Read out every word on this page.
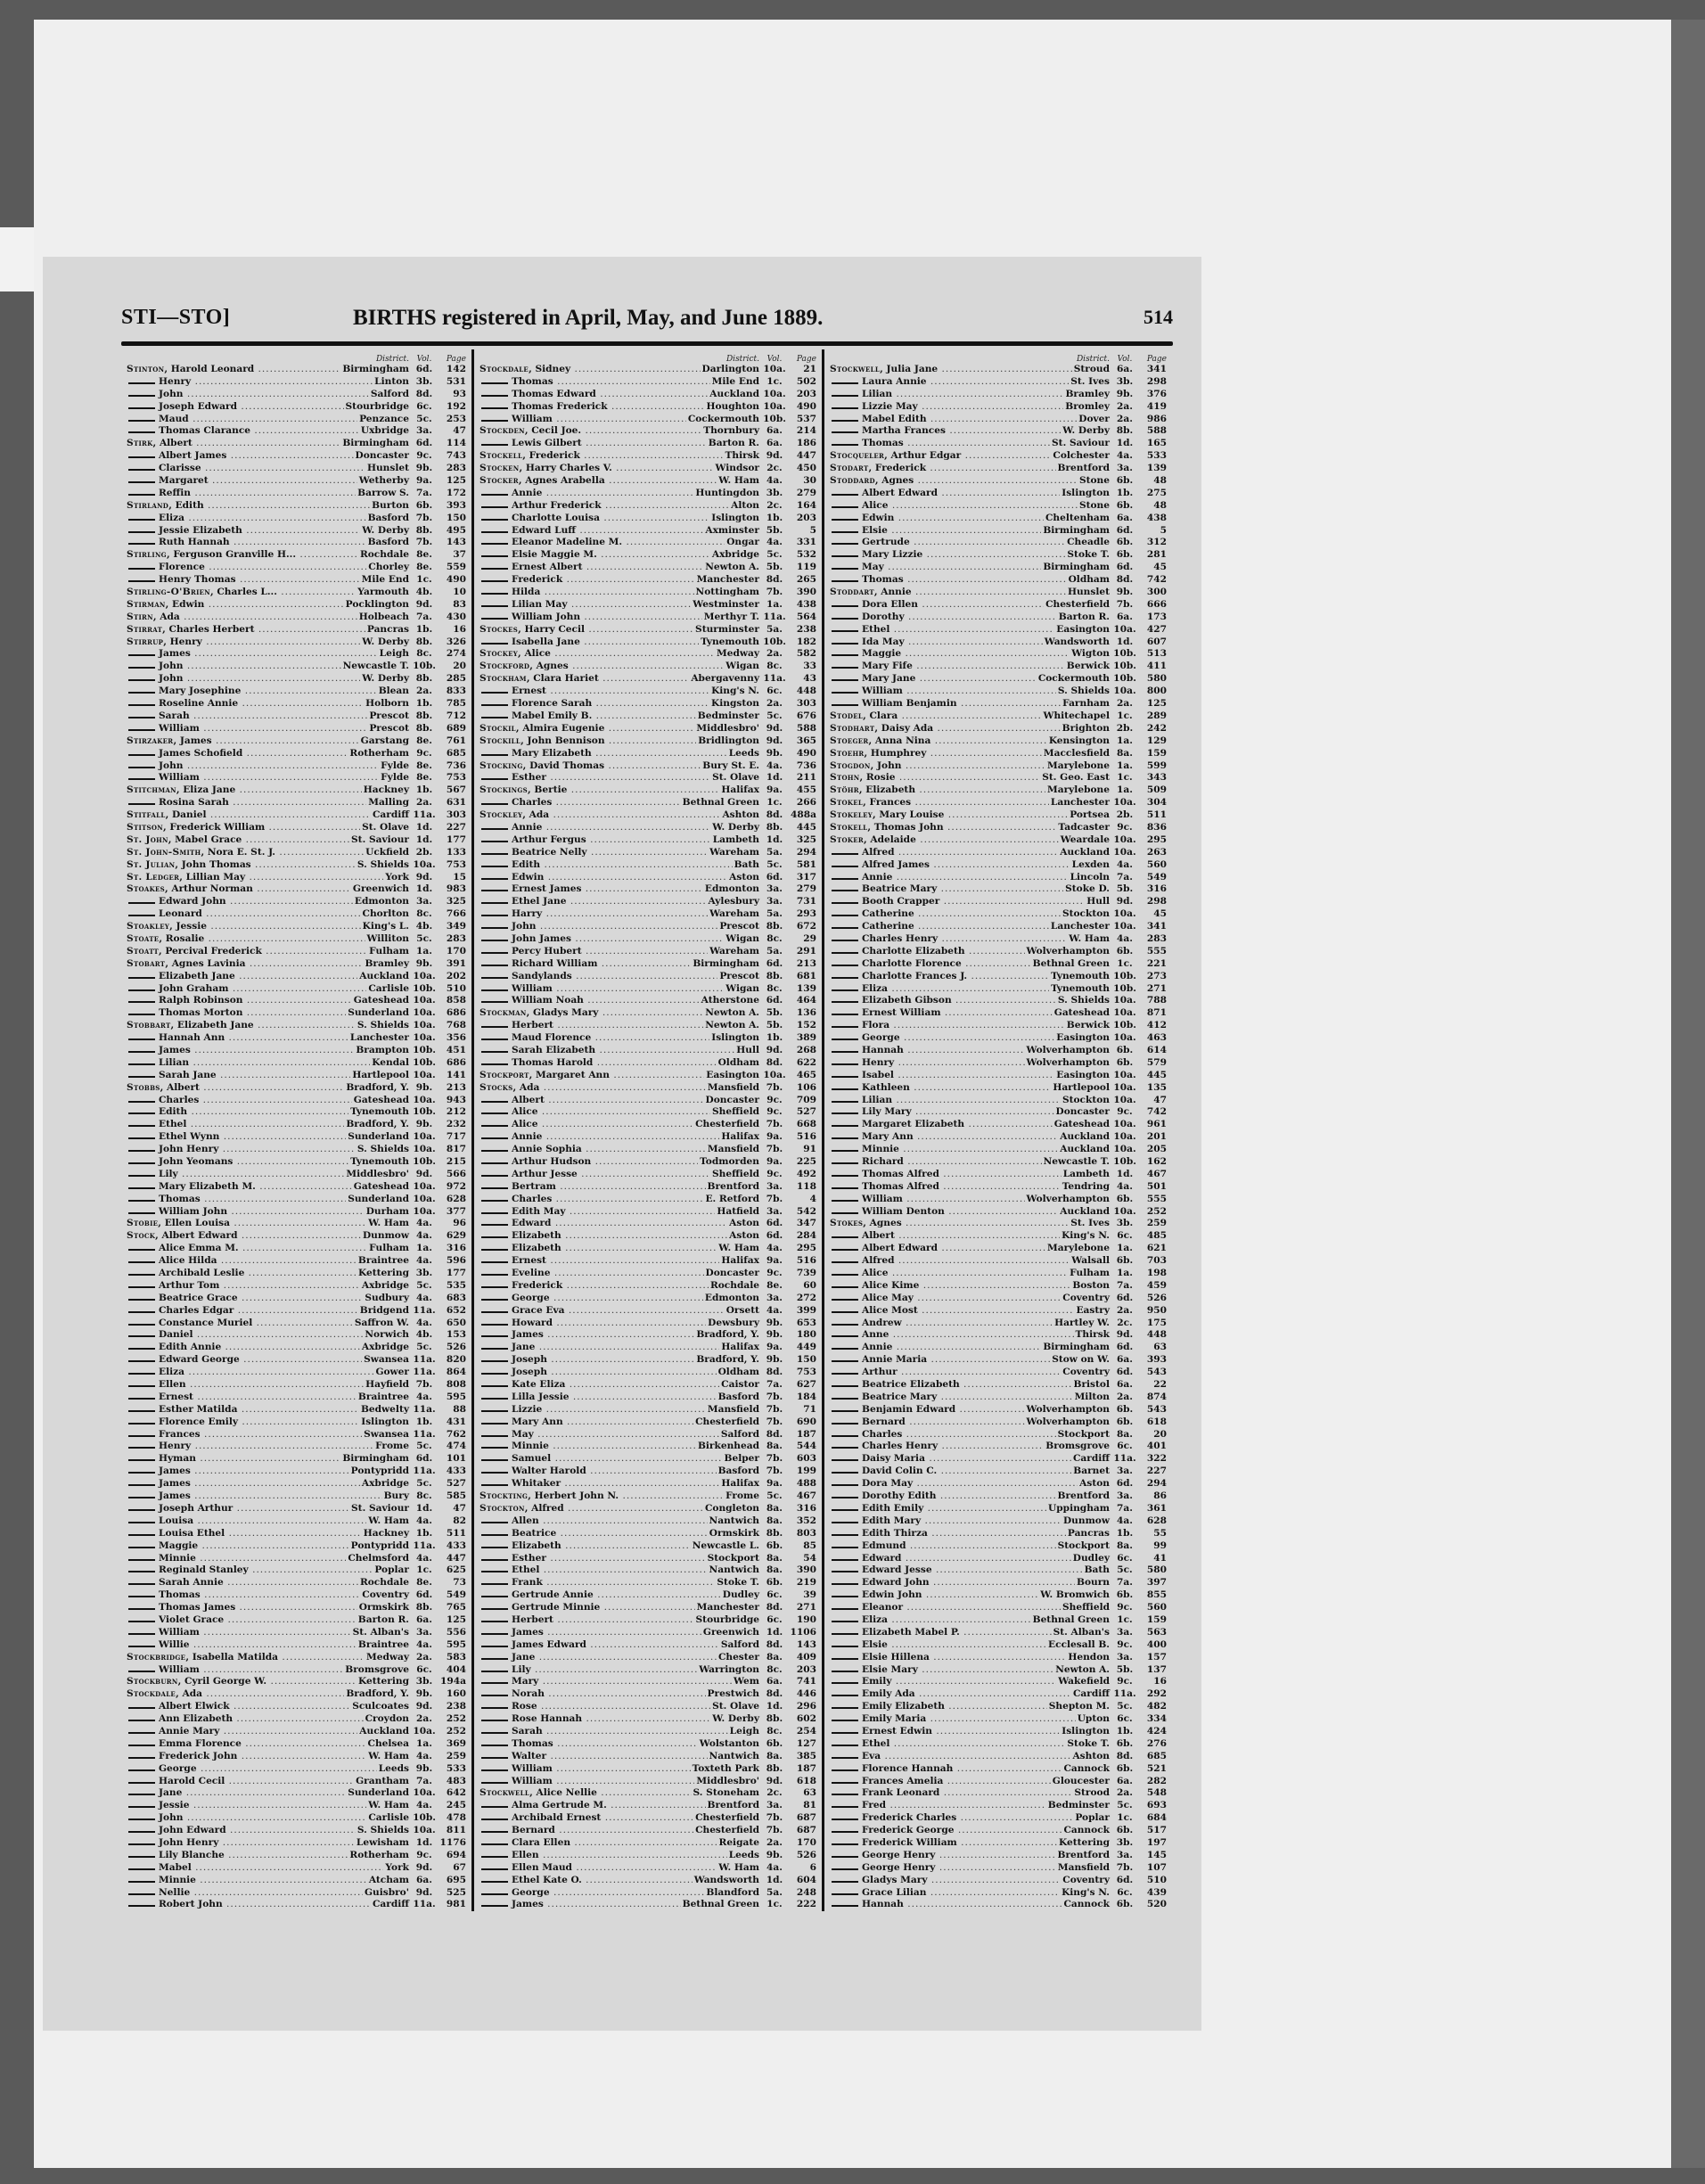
STI—STO]	BIRTHS registered in April, May, and June 1889.	514
District. Vol.	Page
Stinton, Harold Leonard .....	Birmingham 6d.	142
Henry .....	Linton 3b.	531
John .....	Salford 8d.	93
Joseph Edward .....	Stourbridge 6c.	192
Maud .....	Penzance 5c.	253
Thomas Clarance .....	Uxbridge 3a.	47
Stirk, Albert .....	Birmingham 6d.	114
Albert James .....	Doncaster 9c.	743
Clarisse .....	Hunslet 9b.	283
Margaret .....	Wetherby 9a.	125
Reffin .....	Barrow S. 7a.	172
Stirland, Edith .....	Burton 6b.	393
Eliza .....	Basford 7b.	150
Jessie Elizabeth .....	W. Derby 8b.	495
Ruth Hannah .....	Basford 7b.	143
Stirling, Ferguson Granville H... .....	Rochdale 8e.	37
Florence .....	Chorley 8e.	559
Henry Thomas .....	Mile End 1c.	490
Stirling-O'Brien, Charles L... .....	Yarmouth 4b.	10
Stirman, Edwin .....	Pocklington 9d.	83
Stirn, Ada .....	Holbeach 7a.	430
Stirrat, Charles Herbert .....	Pancras 1b.	16
Stirrup, Henry .....	W. Derby 8b.	326
James .....	Leigh 8c.	274
John .....	Newcastle T. 10b.	20
John .....	W. Derby 8b.	285
Mary Josephine .....	Blean 2a.	833
Roseline Annie .....	Holborn 1b.	785
Sarah .....	Prescot 8b.	712
William .....	Prescot 8b.	689
Stirzaker, James .....	Garstang 8e.	761
James Schofield .....	Rotherham 9c.	685
John .....	Fylde 8e.	736
William .....	Fylde 8e.	753
Stitchman, Eliza Jane .....	Hackney 1b.	567
Rosina Sarah .....	Malling 2a.	631
Stitfall, Daniel .....	Cardiff 11a.	303
Stitson, Frederick William .....	St. Olave 1d.	227
St. John, Mabel Grace .....	St. Saviour 1d.	177
St. John-Smith, Nora E. St. J. .....	Uckfield 2b.	133
St. Julian, John Thomas .....	S. Shields 10a.	753
St. Ledger, Lillian May .....	York 9d.	15
Stoakes, Arthur Norman .....	Greenwich 1d.	983
Edward John .....	Edmonton 3a.	325
Leonard .....	Chorlton 8c.	766
Stoakley, Jessie .....	King's L. 4b.	349
Stoate, Rosalie .....	Williton 5c.	283
Stoatt, Percival Frederick .....	Fulham 1a.	170
Stobart, Agnes Lavinia .....	Bramley 9b.	391
Elizabeth Jane .....	Auckland 10a.	202
John Graham .....	Carlisle 10b.	510
Ralph Robinson .....	Gateshead 10a.	858
Thomas Morton .....	Sunderland 10a.	686
Stobbart, Elizabeth Jane .....	S. Shields 10a.	768
Hannah Ann .....	Lanchester 10a.	356
James .....	Brampton 10b.	451
Lilian .....	Kendal 10b.	686
Sarah Jane .....	Hartlepool 10a.	141
Stobbs, Albert .....	Bradford, Y. 9b.	213
Charles .....	Gateshead 10a.	943
Edith .....	Tynemouth 10b.	212
Ethel .....	Bradford, Y. 9b.	232
Ethel Wynn .....	Sunderland 10a.	717
John Henry .....	S. Shields 10a.	817
John Yeomans .....	Tynemouth 10b.	215
Lily .....	Middlesbro' 9d.	566
Mary Elizabeth M. .....	Gateshead 10a.	972
Thomas .....	Sunderland 10a.	628
William John .....	Durham 10a.	377
Stobie, Ellen Louisa .....	W. Ham 4a.	96
Stock, Albert Edward .....	Dunmow 4a.	629
Alice Emma M. .....	Fulham 1a.	316
Alice Hilda .....	Braintree 4a.	596
Archibald Leslie .....	Kettering 3b.	177
Arthur Tom .....	Axbridge 5c.	535
Beatrice Grace .....	Sudbury 4a.	683
Charles Edgar .....	Bridgend 11a.	652
Constance Muriel .....	Saffron W. 4a.	650
Daniel .....	Norwich 4b.	153
Edith Annie .....	Axbridge 5c.	526
Edward George .....	Swansea 11a.	820
Eliza .....	Gower 11a.	864
Ellen .....	Hayfield 7b.	808
Ernest .....	Braintree 4a.	595
Esther Matilda .....	Bedwelty 11a.	88
Florence Emily .....	Islington 1b.	431
Frances .....	Swansea 11a.	762
Henry .....	Frome 5c.	474
Hyman .....	Birmingham 6d.	101
James .....	Pontypridd 11a.	433
James .....	Axbridge 5c.	527
James .....	Bury 8c.	585
Joseph Arthur .....	St. Saviour 1d.	47
Louisa .....	W. Ham 4a.	82
Louisa Ethel .....	Hackney 1b.	511
Maggie .....	Pontypridd 11a.	433
Minnie .....	Chelmsford 4a.	447
Reginald Stanley .....	Poplar 1c.	625
Sarah Annie .....	Rochdale 8e.	73
Thomas .....	Coventry 6d.	549
Thomas James .....	Ormskirk 8b.	765
Violet Grace .....	Barton R. 6a.	125
William .....	St. Alban's 3a.	556
Willie .....	Braintree 4a.	595
Stockbridge, Isabella Matilda .....	Medway 2a.	583
William .....	Bromsgrove 6c.	404
Stockburn, Cyril George W. .....	Kettering 3b. 194a
Stockdale, Ada .....	Bradford, Y. 9b.	160
Albert Elwick .....	Sculcoates 9d.	238
Ann Elizabeth .....	Croydon 2a.	252
Annie Mary .....	Auckland 10a.	252
Emma Florence .....	Chelsea 1a.	369
Frederick John .....	W. Ham 4a.	259
George .....	Leeds 9b.	533
Harold Cecil .....	Grantham 7a.	483
Jane .....	Sunderland 10a.	642
Jessie .....	W. Ham 4a.	245
John .....	Carlisle 10b.	478
John Edward .....	S. Shields 10a.	811
John Henry .....	Lewisham 1d. 1176
Lily Blanche .....	Rotherham 9c.	694
Mabel .....	York 9d.	67
Minnie .....	Atcham 6a.	695
Nellie .....	Guisbro' 9d.	525
Robert John .....	Cardiff 11a.	981
District. Vol.	Page
Stockdale, Sidney .....	Darlington 10a.	21
Thomas .....	Mile End 1c.	502
Thomas Edward .....	Auckland 10a.	203
Thomas Frederick .....	Houghton 10a.	490
William .....	Cockermouth 10b.	537
Stockden, Cecil Joe. .....	Thornbury 6a.	214
Lewis Gilbert .....	Barton R. 6a.	186
Stockell, Frederick .....	Thirsk 9d.	447
Stocken, Harry Charles V. .....	Windsor 2c.	450
Stocker, Agnes Arabella .....	W. Ham 4a.	30
Annie .....	Huntingdon 3b.	279
Arthur Frederick .....	Alton 2c.	164
Charlotte Louisa .....	Islington 1b.	203
Edward Luff .....	Axminster 5b.	5
Eleanor Madeline M. .....	Ongar 4a.	331
Elsie Maggie M. .....	Axbridge 5c.	532
Ernest Albert .....	Newton A. 5b.	119
Frederick .....	Manchester 8d.	265
Hilda .....	Nottingham 7b.	390
Lilian May .....	Westminster 1a.	438
William John .....	Merthyr T. 11a.	564
Stockes, Harry Cecil .....	Sturminster 5a.	238
Isabella Jane .....	Tynemouth 10b.	182
Stockey, Alice .....	Medway 2a.	582
Stockford, Agnes .....	Wigan 8c.	33
Stockham, Clara Hariet .....	Abergavenny 11a.	43
Ernest .....	King's N. 6c.	448
Florence Sarah .....	Kingston 2a.	303
Mabel Emily B. .....	Bedminster 5c.	676
Stockil, Almira Eugenie .....	Middlesbro' 9d.	588
Stockill, John Bennison .....	Bridlington 9d.	365
Mary Elizabeth .....	Leeds 9b.	490
Stocking, David Thomas .....	Bury St. E. 4a.	736
Esther .....	St. Olave 1d.	211
Stockings, Bertie .....	Halifax 9a.	455
Charles .....	Bethnal Green 1c.	266
Stockley, Ada .....	Ashton 8d. 488a
Annie .....	W. Derby 8b.	445
Arthur Fergus .....	Lambeth 1d.	325
Beatrice Nelly .....	Wareham 5a.	294
Edith .....	Bath 5c.	581
Edwin .....	Aston 6d.	317
Ernest James .....	Edmonton 3a.	279
Ethel Jane .....	Aylesbury 3a.	731
Harry .....	Wareham 5a.	293
John .....	Prescot 8b.	672
John James .....	Wigan 8c.	29
Percy Hubert .....	Wareham 5a.	291
Richard William .....	Birmingham 6d.	213
Sandylands .....	Prescot 8b.	681
William .....	Wigan 8c.	139
William Noah .....	Atherstone 6d.	464
Stockman, Gladys Mary .....	Newton A. 5b.	136
Herbert .....	Newton A. 5b.	152
Maud Florence .....	Islington 1b.	389
Sarah Elizabeth .....	Hull 9d.	268
Thomas Harold .....	Oldham 8d.	622
Stockport, Margaret Ann .....	Easington 10a.	465
Stocks, Ada .....	Mansfield 7b.	106
Albert .....	Doncaster 9c.	709
Alice .....	Sheffield 9c.	527
Alice .....	Chesterfield 7b.	668
Annie .....	Halifax 9a.	516
Annie Sophia .....	Mansfield 7b.	91
Arthur Hudson .....	Todmorden 9a.	225
Arthur Jesse .....	Sheffield 9c.	492
Bertram .....	Brentford 3a.	118
Charles .....	E. Retford 7b.	4
Edith May .....	Hatfield 3a.	542
Edward .....	Aston 6d.	347
Elizabeth .....	Aston 6d.	284
Elizabeth .....	W. Ham 4a.	295
Ernest .....	Halifax 9a.	516
Eveline .....	Doncaster 9c.	739
Frederick .....	Rochdale 8e.	60
George .....	Edmonton 3a.	272
Grace Eva .....	Orsett 4a.	399
Howard .....	Dewsbury 9b.	653
James .....	Bradford, Y. 9b.	180
Jane .....	Halifax 9a.	449
Joseph .....	Bradford, Y. 9b.	150
Joseph .....	Oldham 8d.	753
Kate Eliza .....	Caistor 7a.	627
Lilla Jessie .....	Basford 7b.	184
Lizzie .....	Mansfield 7b.	71
Mary Ann .....	Chesterfield 7b.	690
May .....	Salford 8d.	187
Minnie .....	Birkenhead 8a.	544
Samuel .....	Belper 7b.	603
Walter Harold .....	Basford 7b.	199
Whitaker .....	Halifax 9a.	488
Stockting, Herbert John N. .....	Frome 5c.	467
Stockton, Alfred .....	Congleton 8a.	316
Allen .....	Nantwich 8a.	352
Beatrice .....	Ormskirk 8b.	803
Elizabeth .....	Newcastle L. 6b.	85
Esther .....	Stockport 8a.	54
Ethel .....	Nantwich 8a.	390
Frank .....	Stoke T. 6b.	219
Gertrude Annie .....	Dudley 6c.	39
Gertrude Minnie .....	Manchester 8d.	271
Herbert .....	Stourbridge 6c.	190
James .....	Greenwich 1d. 1106
James Edward .....	Salford 8d.	143
Jane .....	Chester 8a.	409
Lily .....	Warrington 8c.	203
Mary .....	Wem 6a.	741
Norah .....	Prestwich 8d.	446
Rose .....	St. Olave 1d.	296
Rose Hannah .....	W. Derby 8b.	602
Sarah .....	Leigh 8c.	254
Thomas .....	Wolstanton 6b.	127
Walter .....	Nantwich 8a.	385
William .....	Toxteth Park 8b.	187
William .....	Middlesbro' 9d.	618
Stockwell, Alice Nellie .....	S. Stoneham 2c.	63
Alma Gertrude M. .....	Brentford 3a.	81
Archibald Ernest .....	Chesterfield 7b.	687
Bernard .....	Chesterfield 7b.	687
Clara Ellen .....	Reigate 2a.	170
Ellen .....	Leeds 9b.	526
Ellen Maud .....	W. Ham 4a.	6
Ethel Kate O. .....	Wandsworth 1d.	604
George .....	Blandford 5a.	248
James .....	Bethnal Green 1c.	222
District. Vol.	Page
Stockwell, Julia Jane .....	Stroud 6a.	341
Laura Annie .....	St. Ives 3b.	298
Lilian .....	Bramley 9b.	376
Lizzie May .....	Bromley 2a.	419
Mabel Edith .....	Dover 2a.	986
Martha Frances .....	W. Derby 8b.	588
Thomas .....	St. Saviour 1d.	165
Stocqueler, Arthur Edgar .....	Colchester 4a.	533
Stodart, Frederick .....	Brentford 3a.	139
Stoddard, Agnes .....	Stone 6b.	48
Albert Edward .....	Islington 1b.	275
Alice .....	Stone 6b.	48
Edwin .....	Cheltenham 6a.	438
Elsie .....	Birmingham 6d.	5
Gertrude .....	Cheadle 6b.	312
Mary Lizzie .....	Stoke T. 6b.	281
May .....	Birmingham 6d.	45
Thomas .....	Oldham 8d.	742
Stoddart, Annie .....	Hunslet 9b.	300
Dora Ellen .....	Chesterfield 7b.	666
Dorothy .....	Barton R. 6a.	173
Ethel .....	Easington 10a.	427
Ida May .....	Wandsworth 1d.	607
Maggie .....	Wigton 10b.	513
Mary Fife .....	Berwick 10b.	411
Mary Jane .....	Cockermouth 10b.	580
William .....	S. Shields 10a.	800
William Benjamin .....	Farnham 2a.	125
Stodel, Clara .....	Whitechapel 1c.	289
Stodhart, Daisy Ada .....	Brighton 2b.	242
Stoeger, Anna Nina .....	Kensington 1a.	129
Stoehr, Humphrey .....	Macclesfield 8a.	159
Stogdon, John .....	Marylebone 1a.	599
Stohn, Rosie .....	St. Geo. East 1c.	343
Stöhr, Elizabeth .....	Marylebone 1a.	509
Stokel, Frances .....	Lanchester 10a.	304
Stokeley, Mary Louise .....	Portsea 2b.	511
Stokell, Thomas John .....	Tadcaster 9c.	836
Stoker, Adelaide .....	Weardale 10a.	295
Alfred .....	Auckland 10a.	263
Alfred James .....	Lexden 4a.	560
Annie .....	Lincoln 7a.	549
Beatrice Mary .....	Stoke D. 5b.	316
Booth Crapper .....	Hull 9d.	298
Catherine .....	Stockton 10a.	45
Catherine .....	Lanchester 10a.	341
Charles Henry .....	W. Ham 4a.	283
Charlotte Elizabeth .....	Wolverhampton 6b.	555
Charlotte Florence .....	Bethnal Green 1c.	221
Charlotte Frances J. .....	Tynemouth 10b.	273
Eliza .....	Tynemouth 10b.	271
Elizabeth Gibson .....	S. Shields 10a.	788
Ernest William .....	Gateshead 10a.	871
Flora .....	Berwick 10b.	412
George .....	Easington 10a.	463
Hannah .....	Wolverhampton 6b.	614
Henry .....	Wolverhampton 6b.	579
Isabel .....	Easington 10a.	445
Kathleen .....	Hartlepool 10a.	135
Lilian .....	Stockton 10a.	47
Lily Mary .....	Doncaster 9c.	742
Margaret Elizabeth .....	Gateshead 10a.	961
Mary Ann .....	Auckland 10a.	201
Minnie .....	Auckland 10a.	205
Richard .....	Newcastle T. 10b.	162
Thomas Alfred .....	Lambeth 1d.	467
Thomas Alfred .....	Tendring 4a.	501
William .....	Wolverhampton 6b.	555
William Denton .....	Auckland 10a.	252
Stokes, Agnes .....	St. Ives 3b.	259
Albert .....	King's N. 6c.	485
Albert Edward .....	Marylebone 1a.	621
Alfred .....	Walsall 6b.	703
Alice .....	Fulham 1a.	198
Alice Kime .....	Boston 7a.	459
Alice May .....	Coventry 6d.	526
Alice Most .....	Eastry 2a.	950
Andrew .....	Hartley W. 2c.	175
Anne .....	Thirsk 9d.	448
Annie .....	Birmingham 6d.	63
Annie Maria .....	Stow on W. 6a.	393
Arthur .....	Coventry 6d.	543
Beatrice Elizabeth .....	Bristol 6a.	22
Beatrice Mary .....	Milton 2a.	874
Benjamin Edward .....	Wolverhampton 6b.	543
Bernard .....	Wolverhampton 6b.	618
Charles .....	Stockport 8a.	20
Charles Henry .....	Bromsgrove 6c.	401
Daisy Maria .....	Cardiff 11a.	322
David Colin C. .....	Barnet 3a.	227
Dora May .....	Aston 6d.	294
Dorothy Edith .....	Brentford 3a.	86
Edith Emily .....	Uppingham 7a.	361
Edith Mary .....	Dunmow 4a.	628
Edith Thirza .....	Pancras 1b.	55
Edmund .....	Stockport 8a.	99
Edward .....	Dudley 6c.	41
Edward Jesse .....	Bath 5c.	580
Edward John .....	Bourn 7a.	397
Edwin John .....	W. Bromwich 6b.	855
Eleanor .....	Sheffield 9c.	560
Eliza .....	Bethnal Green 1c.	159
Elizabeth Mabel P. .....	St. Alban's 3a.	563
Elsie .....	Ecclesall B. 9c.	400
Elsie Hillena .....	Hendon 3a.	157
Elsie Mary .....	Newton A. 5b.	137
Emily .....	Wakefield 9c.	16
Emily Ada .....	Cardiff 11a.	292
Emily Elizabeth .....	Shepton M. 5c.	482
Emily Maria .....	Upton 6c.	334
Ernest Edwin .....	Islington 1b.	424
Ethel .....	Stoke T. 6b.	276
Eva .....	Ashton 8d.	685
Florence Hannah .....	Cannock 6b.	521
Frances Amelia .....	Gloucester 6a.	282
Frank Leonard .....	Strood 2a.	548
Fred .....	Bedminster 5c.	693
Frederick Charles .....	Poplar 1c.	684
Frederick George .....	Cannock 6b.	517
Frederick William .....	Kettering 3b.	197
George Henry .....	Brentford 3a.	145
George Henry .....	Mansfield 7b.	107
Gladys Mary .....	Coventry 6d.	510
Grace Lilian .....	King's N. 6c.	439
Hannah .....	Cannock 6b.	520
